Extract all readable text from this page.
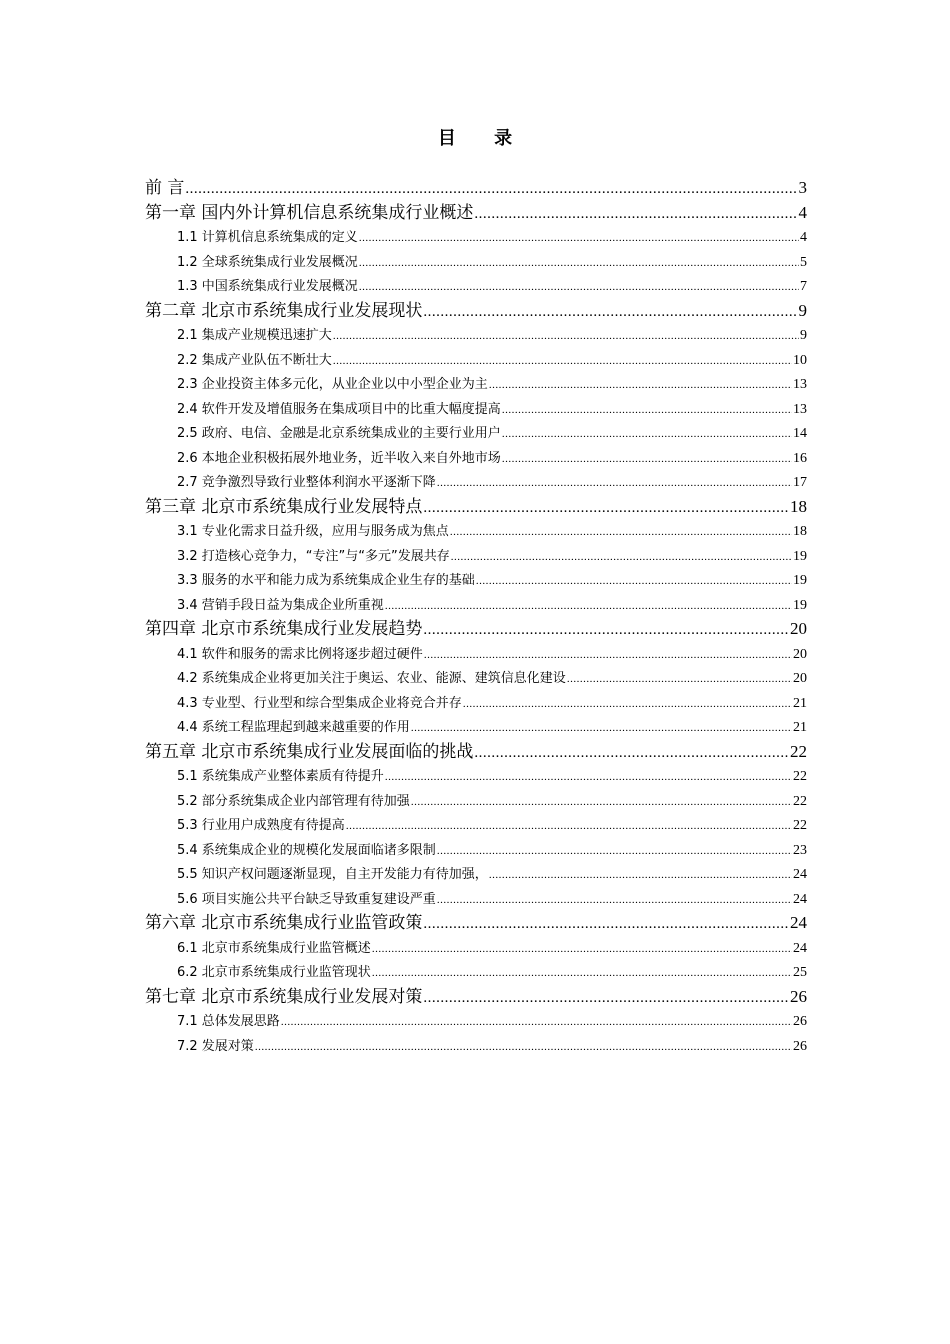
目 录
前 言 .....	3
第一章 国内外计算机信息系统集成行业概述 .....	4
1.1 计算机信息系统集成的定义 .....	4
1.2 全球系统集成行业发展概况 .....	5
1.3 中国系统集成行业发展概况 .....	7
第二章 北京市系统集成行业发展现状 .....	9
2.1 集成产业规模迅速扩大 .....	9
2.2 集成产业队伍不断壮大 .....	10
2.3 企业投资主体多元化，从业企业以中小型企业为主 .....	13
2.4 软件开发及增值服务在集成项目中的比重大幅度提高 .....	13
2.5 政府、电信、金融是北京系统集成业的主要行业用户 .....	14
2.6 本地企业积极拓展外地业务，近半收入来自外地市场 .....	16
2.7 竞争激烈导致行业整体利润水平逐渐下降 .....	17
第三章 北京市系统集成行业发展特点 .....	18
3.1 专业化需求日益升级，应用与服务成为焦点 .....	18
3.2 打造核心竞争力，“专注”与“多元”发展共存 .....	19
3.3 服务的水平和能力成为系统集成企业生存的基础 .....	19
3.4 营销手段日益为集成企业所重视 .....	19
第四章 北京市系统集成行业发展趋势 .....	20
4.1 软件和服务的需求比例将逐步超过硬件 .....	20
4.2 系统集成企业将更加关注于奥运、农业、能源、建筑信息化建设 .....	20
4.3 专业型、行业型和综合型集成企业将竞合并存 .....	21
4.4 系统工程监理起到越来越重要的作用 .....	21
第五章 北京市系统集成行业发展面临的挑战 .....	22
5.1 系统集成产业整体素质有待提升 .....	22
5.2 部分系统集成企业内部管理有待加强 .....	22
5.3 行业用户成熟度有待提高 .....	22
5.4 系统集成企业的规模化发展面临诸多限制 .....	23
5.5 知识产权问题逐渐显现，自主开发能力有待加强， .....	24
5.6 项目实施公共平台缺乏导致重复建设严重 .....	24
第六章 北京市系统集成行业监管政策 .....	24
6.1 北京市系统集成行业监管概述 .....	24
6.2 北京市系统集成行业监管现状 .....	25
第七章 北京市系统集成行业发展对策 .....	26
7.1 总体发展思路 .....	26
7.2 发展对策 .....	26
